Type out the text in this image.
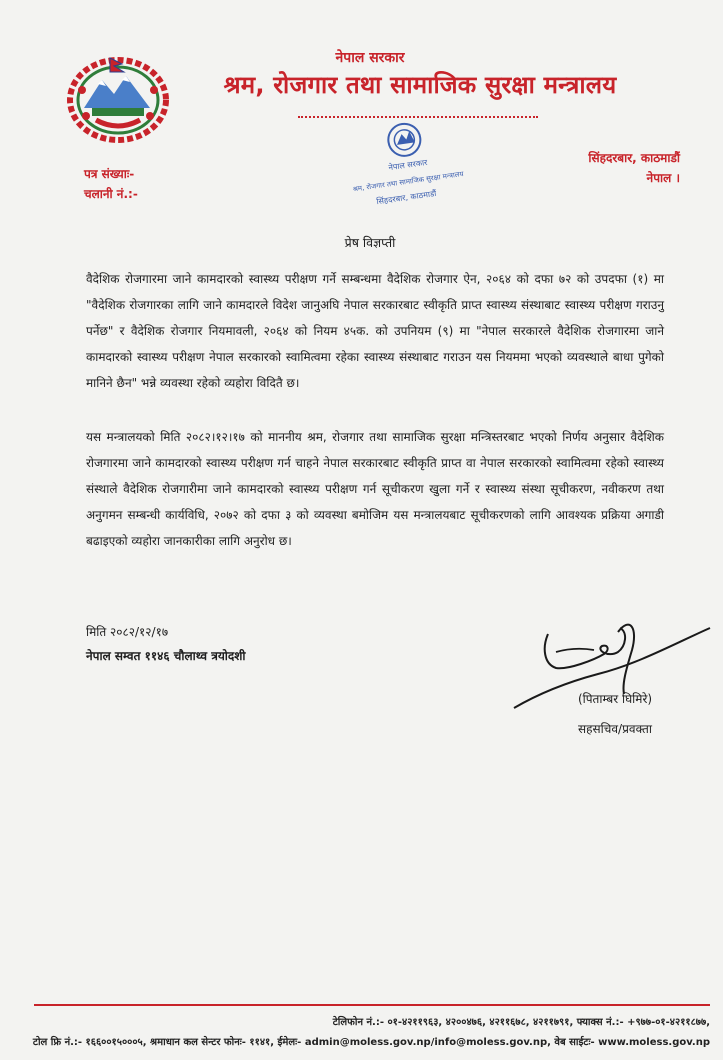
नेपाल सरकार
श्रम, रोजगार तथा सामाजिक सुरक्षा मन्त्रालय
पत्र संख्याः-
चलानी नं.:-
सिंहदरबार, काठमाडौं
नेपाल ।
नेपाल सरकार
श्रम, रोजगार तथा सामाजिक सुरक्षा मन्त्रालय
सिंहदरबार, काठमाडौं
प्रेष विज्ञप्ती
वैदेशिक रोजगारमा जाने कामदारको स्वास्थ्य परीक्षण गर्ने सम्बन्धमा वैदेशिक रोजगार ऐन, २०६४ को दफा ७२ को उपदफा (१) मा "वैदेशिक रोजगारका लागि जाने कामदारले विदेश जानुअघि नेपाल सरकारबाट स्वीकृति प्राप्त स्वास्थ्य संस्थाबाट स्वास्थ्य परीक्षण गराउनु पर्नेछ" र वैदेशिक रोजगार नियमावली, २०६४ को नियम ४५क. को उपनियम (९) मा "नेपाल सरकारले वैदेशिक रोजगारमा जाने कामदारको स्वास्थ्य परीक्षण नेपाल सरकारको स्वामित्वमा रहेका स्वास्थ्य संस्थाबाट गराउन यस नियममा भएको व्यवस्थाले बाधा पुगेको मानिने छैन" भन्ने व्यवस्था रहेको व्यहोरा विदितै छ।
यस मन्त्रालयको मिति २०८२।१२।१७ को माननीय श्रम, रोजगार तथा सामाजिक सुरक्षा मन्त्रिस्तरबाट भएको निर्णय अनुसार वैदेशिक रोजगारमा जाने कामदारको स्वास्थ्य परीक्षण गर्न चाहने नेपाल सरकारबाट स्वीकृति प्राप्त वा नेपाल सरकारको स्वामित्वमा रहेको स्वास्थ्य संस्थाले वैदेशिक रोजगारीमा जाने कामदारको स्वास्थ्य परीक्षण गर्न सूचीकरण खुला गर्ने र स्वास्थ्य संस्था सूचीकरण, नवीकरण तथा अनुगमन सम्बन्धी कार्यविधि, २०७२ को दफा ३ को व्यवस्था बमोजिम यस मन्त्रालयबाट सूचीकरणको लागि आवश्यक प्रक्रिया अगाडी बढाइएको व्यहोरा जानकारीका लागि अनुरोध छ।
मिति २०८२/१२/१७
नेपाल सम्वत ११४६ चौलाथ्व त्रयोदशी
(पिताम्बर घिमिरे)
सहसचिव/प्रवक्ता
टेलिफोन नं.:- ०१-४२११९६३, ४२००४७६, ४२११६७८, ४२११७९१, फ्याक्स नं.:- +९७७-०१-४२११८७७,
टोल फ्रि नं.:- १६६००१५०००५, श्रमाधान कल सेन्टर फोनः- ११४१, ईमेलः- admin@moless.gov.np/info@moless.gov.np, वेब साईटः- www.moless.gov.np
